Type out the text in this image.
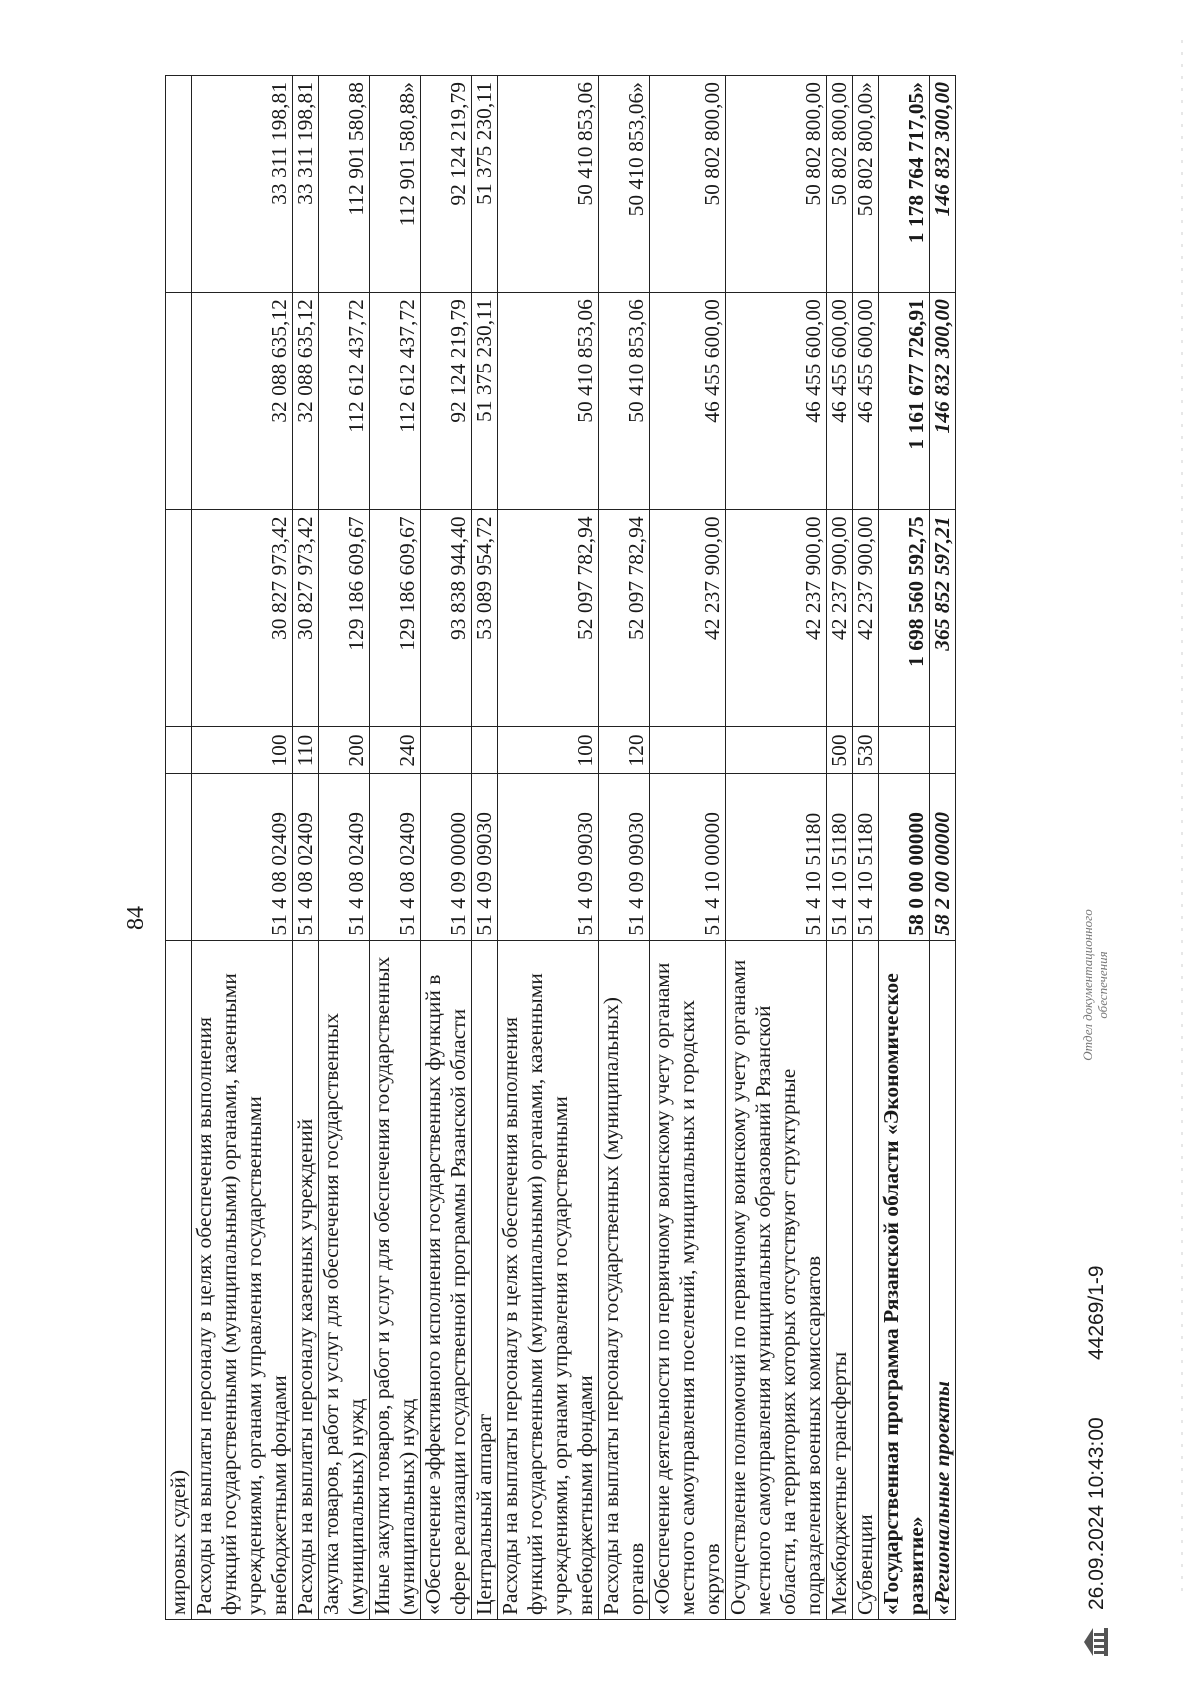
84
мировых судей)					
Расходы на выплаты персоналу в целях обеспечения выполнения функций государственными (муниципальными) органами, казенными учреждениями, органами управления государственными внебюджетными фондами	51 4 08 02409	100	30 827 973,42	32 088 635,12	33 311 198,81
Расходы на выплаты персоналу казенных учреждений	51 4 08 02409	110	30 827 973,42	32 088 635,12	33 311 198,81
Закупка товаров, работ и услуг для обеспечения государственных (муниципальных) нужд	51 4 08 02409	200	129 186 609,67	112 612 437,72	112 901 580,88
Иные закупки товаров, работ и услуг для обеспечения государственных (муниципальных) нужд	51 4 08 02409	240	129 186 609,67	112 612 437,72	112 901 580,88»
«Обеспечение эффективного исполнения государственных функций в сфере реализации государственной программы Рязанской области	51 4 09 00000		93 838 944,40	92 124 219,79	92 124 219,79
Центральный аппарат	51 4 09 09030		53 089 954,72	51 375 230,11	51 375 230,11
Расходы на выплаты персоналу в целях обеспечения выполнения функций государственными (муниципальными) органами, казенными учреждениями, органами управления государственными внебюджетными фондами	51 4 09 09030	100	52 097 782,94	50 410 853,06	50 410 853,06
Расходы на выплаты персоналу государственных (муниципальных) органов	51 4 09 09030	120	52 097 782,94	50 410 853,06	50 410 853,06»
«Обеспечение деятельности по первичному воинскому учету органами местного самоуправления поселений, муниципальных и городских округов	51 4 10 00000		42 237 900,00	46 455 600,00	50 802 800,00
Осуществление полномочий по первичному воинскому учету органами местного самоуправления муниципальных образований Рязанской области, на территориях которых отсутствуют структурные подразделения военных комиссариатов	51 4 10 51180		42 237 900,00	46 455 600,00	50 802 800,00
Межбюджетные трансферты	51 4 10 51180	500	42 237 900,00	46 455 600,00	50 802 800,00
Субвенции	51 4 10 51180	530	42 237 900,00	46 455 600,00	50 802 800,00»
«Государственная программа Рязанской области «Экономическое развитие»	58 0 00 00000		1 698 560 592,75	1 161 677 726,91	1 178 764 717,05»
«Региональные проекты	58 2 00 00000		365 852 597,21	146 832 300,00	146 832 300,00
26.09.2024 10:43:00
44269/1-9
Отдел документационного обеспечения
